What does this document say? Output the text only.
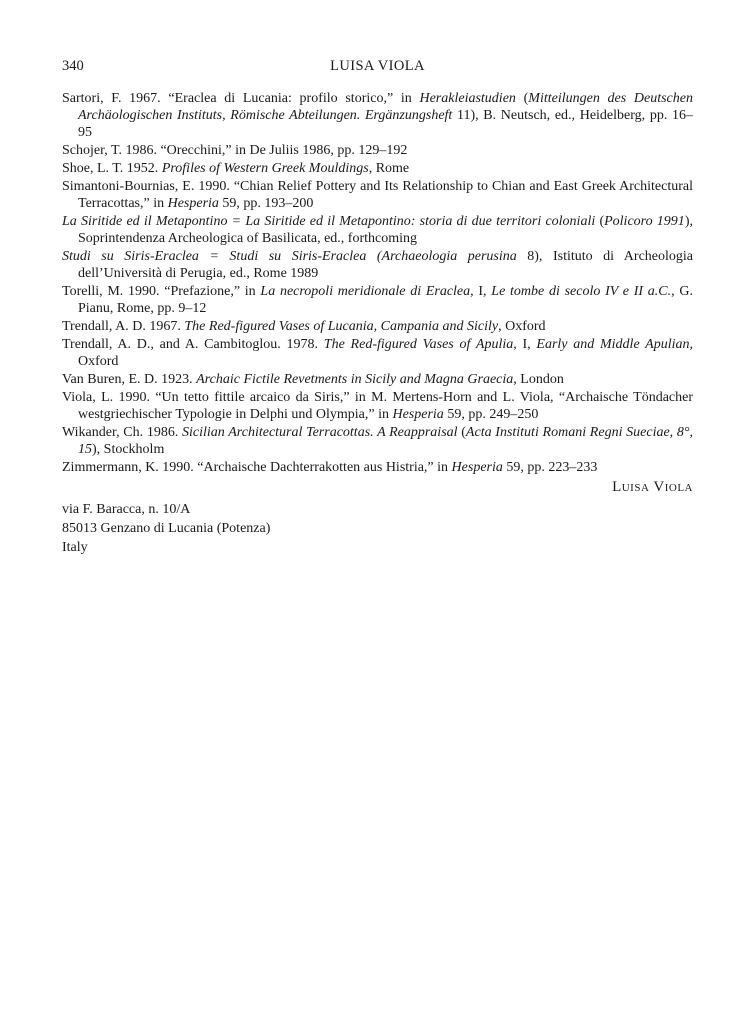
340	LUISA VIOLA
Sartori, F. 1967. “Eraclea di Lucania: profilo storico,” in Herakleiastudien (Mitteilungen des Deutschen Archäologischen Instituts, Römische Abteilungen. Ergänzungsheft 11), B. Neutsch, ed., Heidelberg, pp. 16–95
Schojer, T. 1986. “Orecchini,” in De Juliis 1986, pp. 129–192
Shoe, L. T. 1952. Profiles of Western Greek Mouldings, Rome
Simantoni-Bournias, E. 1990. “Chian Relief Pottery and Its Relationship to Chian and East Greek Architectural Terracottas,” in Hesperia 59, pp. 193–200
La Siritide ed il Metapontino = La Siritide ed il Metapontino: storia di due territori coloniali (Policoro 1991), Soprintendenza Archeologica of Basilicata, ed., forthcoming
Studi su Siris-Eraclea = Studi su Siris-Eraclea (Archaeologia perusina 8), Istituto di Archeologia dell’Università di Perugia, ed., Rome 1989
Torelli, M. 1990. “Prefazione,” in La necropoli meridionale di Eraclea, I, Le tombe di secolo IV e II a.C., G. Pianu, Rome, pp. 9–12
Trendall, A. D. 1967. The Red-figured Vases of Lucania, Campania and Sicily, Oxford
Trendall, A. D., and A. Cambitoglou. 1978. The Red-figured Vases of Apulia, I, Early and Middle Apulian, Oxford
Van Buren, E. D. 1923. Archaic Fictile Revetments in Sicily and Magna Graecia, London
Viola, L. 1990. “Un tetto fittile arcaico da Siris,” in M. Mertens-Horn and L. Viola, “Archaische Töndacher westgriechischer Typologie in Delphi und Olympia,” in Hesperia 59, pp. 249–250
Wikander, Ch. 1986. Sicilian Architectural Terracottas. A Reappraisal (Acta Instituti Romani Regni Sueciae, 8°, 15), Stockholm
Zimmermann, K. 1990. “Archaische Dachterrakotten aus Histria,” in Hesperia 59, pp. 223–233
Luisa Viola
via F. Baracca, n. 10/A
85013 Genzano di Lucania (Potenza)
Italy
